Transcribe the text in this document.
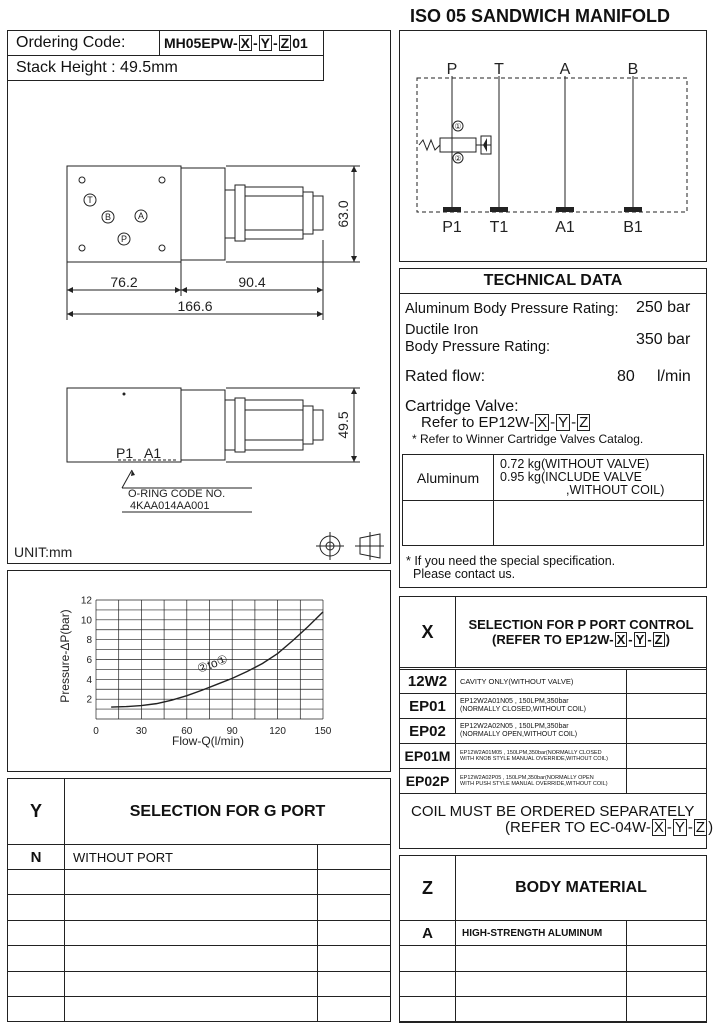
ISO 05 SANDWICH MANIFOLD
Ordering Code:	MH05EPW- X - Y - Z 01
Stack Height : 49.5mm
76.2	90.4
166.6
63.0
49.5
T
B	A
P
P1   A1
O-RING CODE NO.
4KAA014AA001
UNIT:mm
P T	A	B
P1 T1	A1	B1
①
②
TECHNICAL DATA
Aluminum Body Pressure Rating: 250 bar
Ductile Iron
Body Pressure Rating:	350 bar
Rated flow:	80 l/min
Cartridge Valve:
Refer to EP12W- X - Y - Z
* Refer to Winner Cartridge Valves Catalog.
Aluminum
0.72 kg(WITHOUT VALVE)
0.95 kg(INCLUDE VALVE
,WITHOUT COIL)
* If you need the special specification.
Please contact us.
0	30	60	90	120	150
2
4
6
8
10
12
Flow-Q(l/min)
Pressure-ΔP(bar)	②to①
X	SELECTION FOR P PORT CONTROL
(REFER TO EP12W- X - Y - Z )
12W2	CAVITY ONLY(WITHOUT VALVE)
EP01	EP12W2A01N05 , 150LPM,350bar
(NORMALLY CLOSED,WITHOUT COIL)
EP02	EP12W2A02N05 , 150LPM,350bar
(NORMALLY OPEN,WITHOUT COIL)
EP01M	EP12W2A01M05 , 150LPM,350bar(NORMALLY CLOSED
WITH KNOB STYLE MANUAL OVERRIDE,WITHOUT COIL)
EP02P	EP12W2A02P05 , 150LPM,350bar(NORMALLY OPEN
WITH PUSH STYLE MANUAL OVERRIDE,WITHOUT COIL)
COIL MUST BE ORDERED SEPARATELY
(REFER TO EC-04W- X - Y - Z )
Y	SELECTION FOR G PORT
N	WITHOUT PORT
Z	BODY MATERIAL
A	HIGH-STRENGTH ALUMINUM
